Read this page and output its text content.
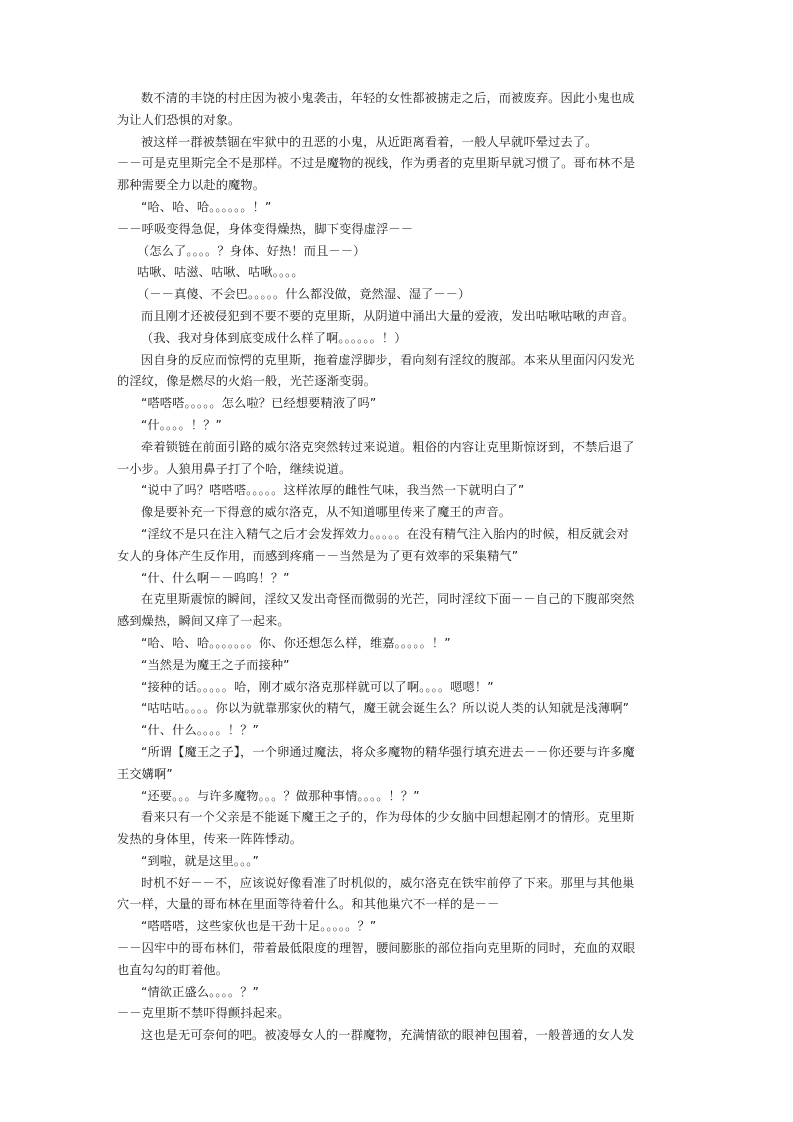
数不清的丰饶的村庄因为被小鬼袭击，年轻的女性都被掳走之后，而被废弃。因此小鬼也成
为让人们恐惧的对象。
被这样一群被禁锢在牢狱中的丑恶的小鬼，从近距离看着，一般人早就吓晕过去了。
－－可是克里斯完全不是那样。不过是魔物的视线，作为勇者的克里斯早就习惯了。哥布林不是
那种需要全力以赴的魔物。
“哈、哈、哈。。。。。。！”
－－呼吸变得急促，身体变得燥热，脚下变得虚浮－－
（怎么了。。。。？身体、好热！而且－－）
咕啾、咕滋、咕啾、咕啾。。。。
（－－真傻、不会巴。。。。。什么都没做，竟然湿、湿了－－）
而且刚才还被侵犯到不要不要的克里斯，从阴道中涌出大量的爱液，发出咕啾咕啾的声音。
（我、我对身体到底变成什么样了啊。。。。。。！）
因自身的反应而惊愕的克里斯，拖着虚浮脚步，看向刻有淫纹的腹部。本来从里面闪闪发光
的淫纹，像是燃尽的火焰一般，光芒逐渐变弱。
“嗒嗒嗒。。。。。怎么啦？已经想要精液了吗”
“什。。。。！？”
牵着锁链在前面引路的威尔洛克突然转过来说道。粗俗的内容让克里斯惊讶到，不禁后退了
一小步。人狼用鼻子打了个哈，继续说道。
“说中了吗？嗒嗒嗒。。。。。这样浓厚的雌性气味，我当然一下就明白了”
像是要补充一下得意的威尔洛克，从不知道哪里传来了魔王的声音。
“淫纹不是只在注入精气之后才会发挥效力。。。。。在没有精气注入胎内的时候，相反就会对
女人的身体产生反作用，而感到疼痛－－当然是为了更有效率的采集精气”
“什、什么啊－－呜呜！？”
在克里斯震惊的瞬间，淫纹又发出奇怪而微弱的光芒，同时淫纹下面－－自己的下腹部突然
感到燥热，瞬间又痒了一起来。
“哈、哈、哈。。。。。。。你、你还想怎么样，维嘉。。。。。！”
“当然是为魔王之子而接种”
“接种的话。。。。。哈，刚才威尔洛克那样就可以了啊。。。。嗯嗯！”
“咕咕咕。。。。你以为就靠那家伙的精气，魔王就会诞生么？所以说人类的认知就是浅薄啊”
“什、什么。。。。！？”
“所谓【魔王之子】，一个卵通过魔法，将众多魔物的精华强行填充进去－－你还要与许多魔
王交媾啊”
“还要。。。与许多魔物。。。？做那种事情。。。。！？”
看来只有一个父亲是不能诞下魔王之子的，作为母体的少女脑中回想起刚才的情形。克里斯
发热的身体里，传来一阵阵悸动。
“到啦，就是这里。。。”
时机不好－－不，应该说好像看准了时机似的，威尔洛克在铁牢前停了下来。那里与其他巢
穴一样，大量的哥布林在里面等待着什么。和其他巢穴不一样的是－－
“嗒嗒嗒，这些家伙也是干劲十足。。。。。？”
－－囚牢中的哥布林们，带着最低限度的理智，腰间膨胀的部位指向克里斯的同时，充血的双眼
也直勾勾的盯着他。
“情欲正盛么。。。。？”
－－克里斯不禁吓得颤抖起来。
这也是无可奈何的吧。被凌辱女人的一群魔物，充满情欲的眼神包围着，一般普通的女人发
